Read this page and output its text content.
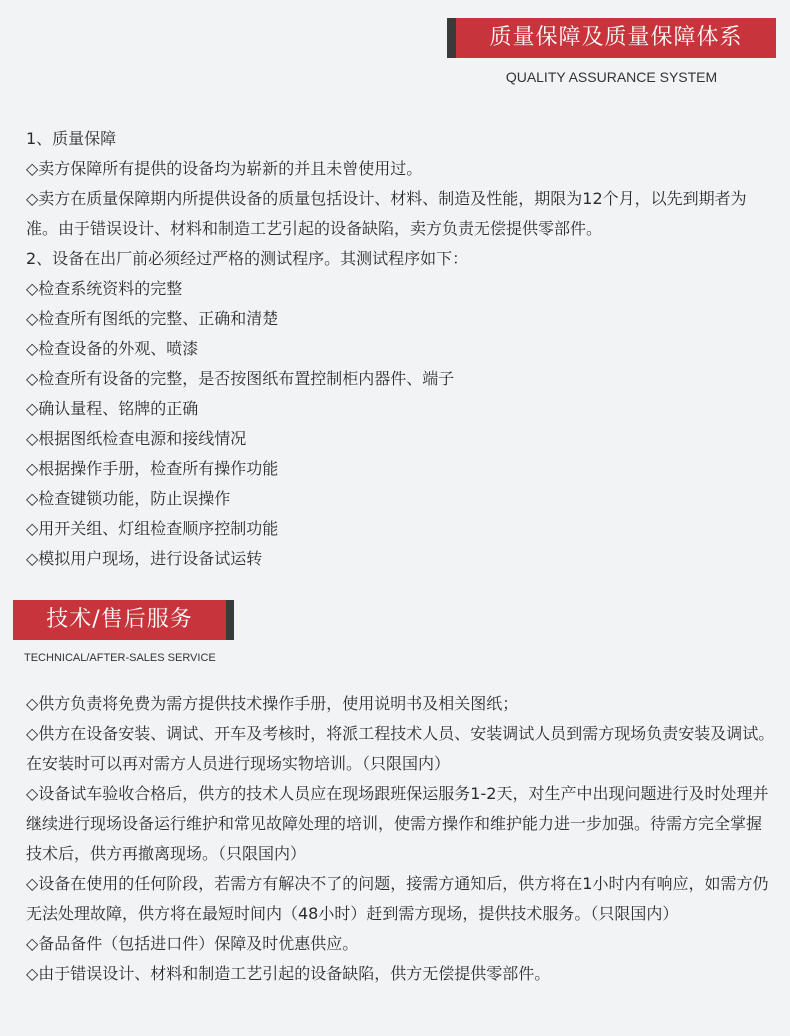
质量保障及质量保障体系
QUALITY ASSURANCE SYSTEM

1、质量保障

◇卖方保障所有提供的设备均为崭新的并且未曾使用过。

◇卖方在质量保障期内所提供设备的质量包括设计、材料、制造及性能，期限为12个月，以先到期者为准。由于错误设计、材料和制造工艺引起的设备缺陷，卖方负责无偿提供零部件。

2、设备在出厂前必须经过严格的测试程序。其测试程序如下：

◇检查系统资料的完整

◇检查所有图纸的完整、正确和清楚

◇检查设备的外观、喷漆

◇检查所有设备的完整，是否按图纸布置控制柜内器件、端子

◇确认量程、铭牌的正确

◇根据图纸检查电源和接线情况

◇根据操作手册，检查所有操作功能

◇检查键锁功能，防止误操作

◇用开关组、灯组检查顺序控制功能

◇模拟用户现场，进行设备试运转

技术/售后服务
TECHNICAL/AFTER-SALES SERVICE

◇供方负责将免费为需方提供技术操作手册，使用说明书及相关图纸；

◇供方在设备安装、调试、开车及考核时，将派工程技术人员、安装调试人员到需方现场负责安装及调试。在安装时可以再对需方人员进行现场实物培训。（只限国内）

◇设备试车验收合格后，供方的技术人员应在现场跟班保运服务1-2天，对生产中出现问题进行及时处理并继续进行现场设备运行维护和常见故障处理的培训，使需方操作和维护能力进一步加强。待需方完全掌握技术后，供方再撤离现场。（只限国内）

◇设备在使用的任何阶段，若需方有解决不了的问题，接需方通知后，供方将在1小时内有响应，如需方仍无法处理故障，供方将在最短时间内（48小时）赶到需方现场，提供技术服务。（只限国内）

◇备品备件（包括进口件）保障及时优惠供应。

◇由于错误设计、材料和制造工艺引起的设备缺陷，供方无偿提供零部件。
